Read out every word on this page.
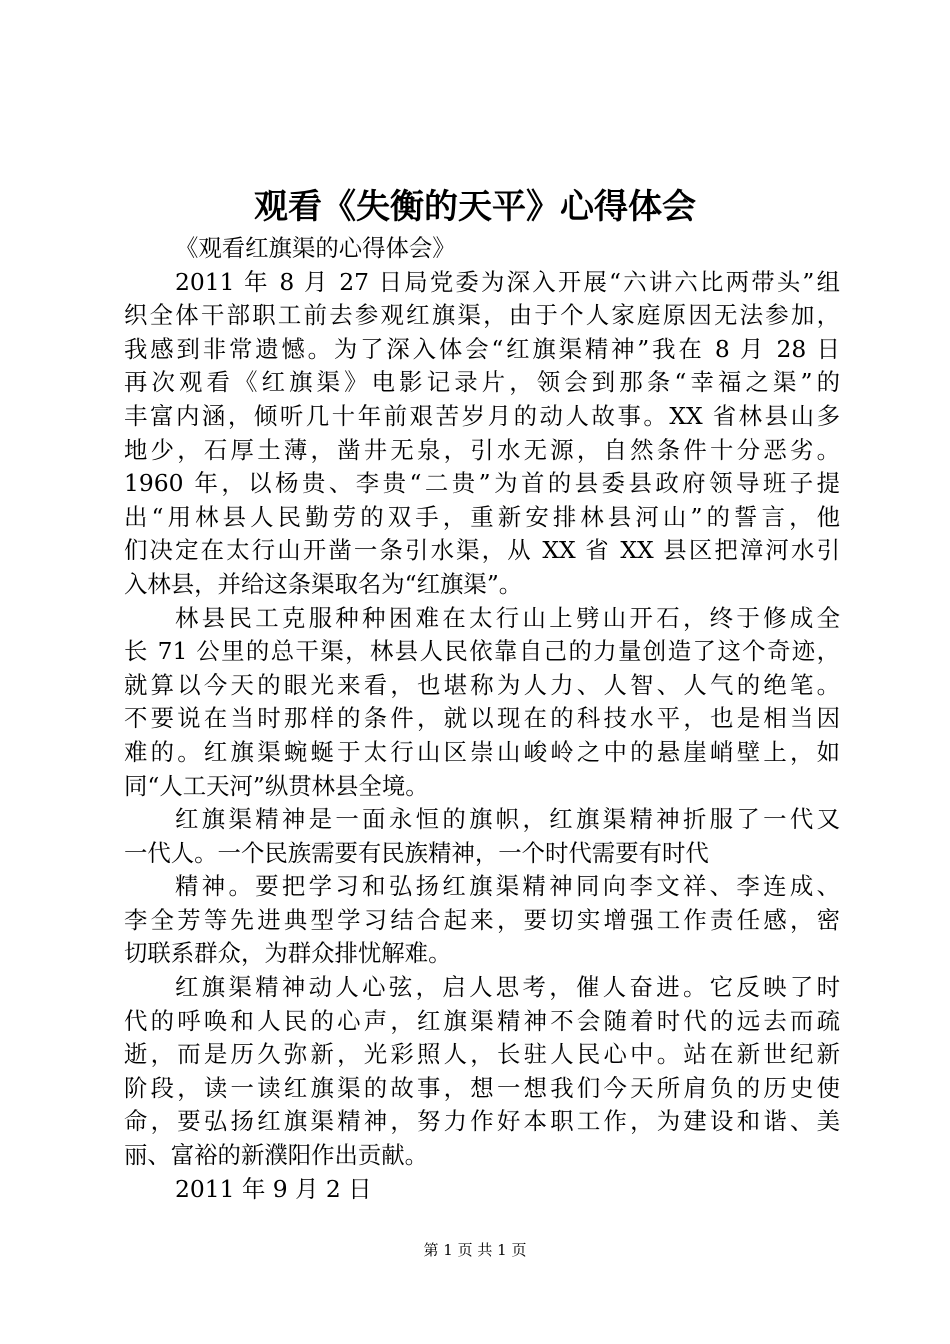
观看《失衡的天平》心得体会
《观看红旗渠的心得体会》
2011 年 8 月 27 日局党委为深入开展“六讲六比两带头”组
织全体干部职工前去参观红旗渠，由于个人家庭原因无法参加，
我感到非常遗憾。为了深入体会“红旗渠精神”我在 8 月 28 日
再次观看《红旗渠》电影记录片，领会到那条“幸福之渠”的
丰富内涵，倾听几十年前艰苦岁月的动人故事。XX 省林县山多
地少，石厚土薄，凿井无泉，引水无源，自然条件十分恶劣。
1960 年，以杨贵、李贵“二贵”为首的县委县政府领导班子提
出“用林县人民勤劳的双手，重新安排林县河山”的誓言，他
们决定在太行山开凿一条引水渠，从 XX 省 XX 县区把漳河水引
入林县，并给这条渠取名为“红旗渠”。
林县民工克服种种困难在太行山上劈山开石，终于修成全
长 71 公里的总干渠，林县人民依靠自己的力量创造了这个奇迹，
就算以今天的眼光来看，也堪称为人力、人智、人气的绝笔。
不要说在当时那样的条件，就以现在的科技水平，也是相当因
难的。红旗渠蜿蜒于太行山区崇山峻岭之中的悬崖峭壁上，如
同“人工天河”纵贯林县全境。
红旗渠精神是一面永恒的旗帜，红旗渠精神折服了一代又
一代人。一个民族需要有民族精神，一个时代需要有时代
精神。要把学习和弘扬红旗渠精神同向李文祥、李连成、
李全芳等先进典型学习结合起来，要切实增强工作责任感，密
切联系群众，为群众排忧解难。
红旗渠精神动人心弦，启人思考，催人奋进。它反映了时
代的呼唤和人民的心声，红旗渠精神不会随着时代的远去而疏
逝，而是历久弥新，光彩照人，长驻人民心中。站在新世纪新
阶段，读一读红旗渠的故事，想一想我们今天所肩负的历史使
命，要弘扬红旗渠精神，努力作好本职工作，为建设和谐、美
丽、富裕的新濮阳作出贡献。
2011 年 9 月 2 日
第 1 页 共 1 页
